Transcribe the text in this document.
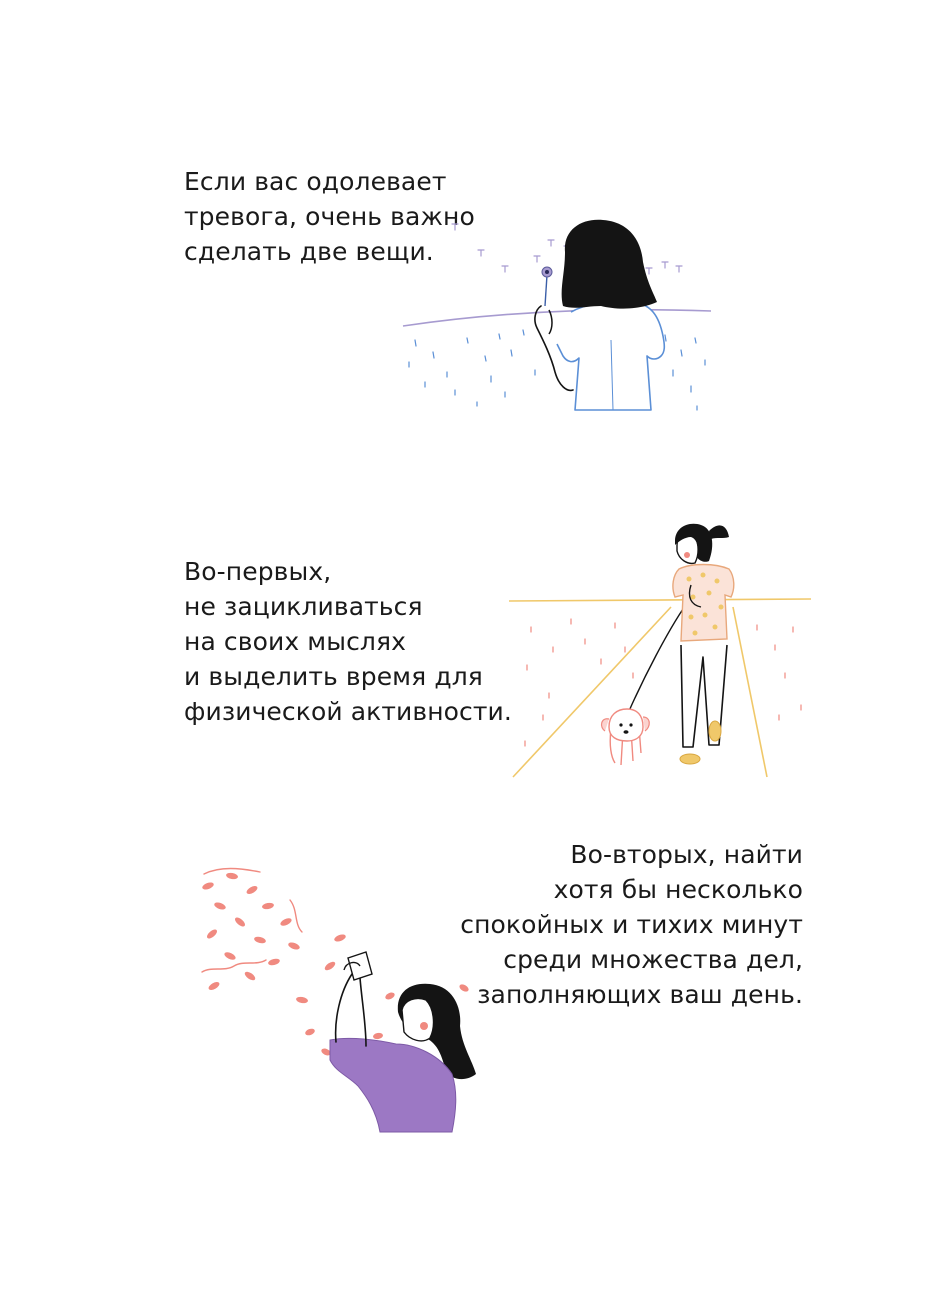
Если вас одолевает

тревога, очень важно

сделать две вещи.

Во-первых,

не зацикливаться

на своих мыслях

и выделить время для

физической активности.

Во-вторых, найти

хотя бы несколько

спокойных и тихих минут

среди множества дел,

заполняющих ваш день.
